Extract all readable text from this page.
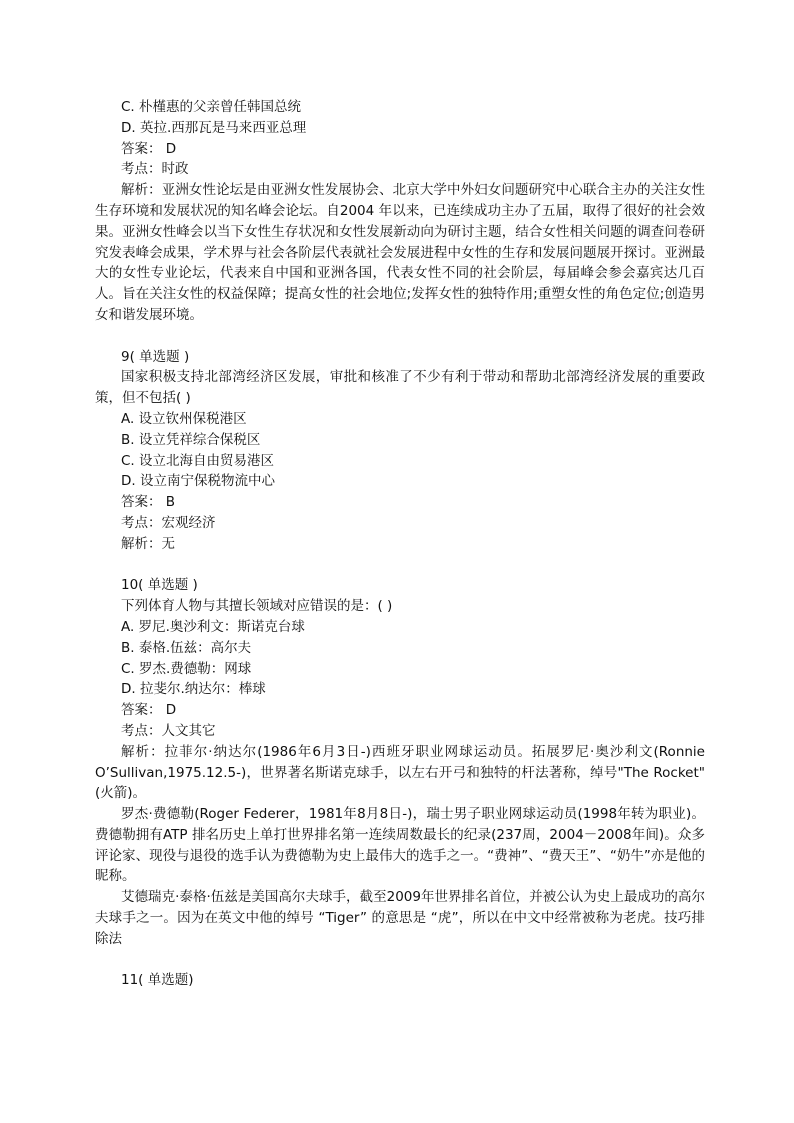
C. 朴槿惠的父亲曾任韩国总统
D. 英拉.西那瓦是马来西亚总理
答案： D
考点：时政
解析：亚洲女性论坛是由亚洲女性发展协会、北京大学中外妇女问题研究中心联合主办的关注女性生存环境和发展状况的知名峰会论坛。自2004 年以来，已连续成功主办了五届，取得了很好的社会效果。亚洲女性峰会以当下女性生存状况和女性发展新动向为研讨主题，结合女性相关问题的调查问卷研究发表峰会成果，学术界与社会各阶层代表就社会发展进程中女性的生存和发展问题展开探讨。亚洲最大的女性专业论坛，代表来自中国和亚洲各国，代表女性不同的社会阶层，每届峰会参会嘉宾达几百人。旨在关注女性的权益保障；提高女性的社会地位;发挥女性的独特作用;重塑女性的角色定位;创造男女和谐发展环境。
9( 单选题 )
国家积极支持北部湾经济区发展，审批和核准了不少有利于带动和帮助北部湾经济发展的重要政策，但不包括( )
A. 设立钦州保税港区
B. 设立凭祥综合保税区
C. 设立北海自由贸易港区
D. 设立南宁保税物流中心
答案： B
考点：宏观经济
解析：无
10( 单选题 )
下列体育人物与其擅长领域对应错误的是：( )
A. 罗尼.奥沙利文：斯诺克台球
B. 泰格.伍兹：高尔夫
C. 罗杰.费德勒：网球
D. 拉斐尔.纳达尔：棒球
答案： D
考点：人文其它
解析：拉菲尔·纳达尔(1986年6月3日-)西班牙职业网球运动员。拓展罗尼·奥沙利文(Ronnie O’Sullivan,1975.12.5-)，世界著名斯诺克球手，以左右开弓和独特的杆法著称，绰号"The Rocket"(火箭)。
罗杰·费德勒(Roger Federer，1981年8月8日-)，瑞士男子职业网球运动员(1998年转为职业)。费德勒拥有ATP 排名历史上单打世界排名第一连续周数最长的纪录(237周，2004－2008年间)。众多评论家、现役与退役的选手认为费德勒为史上最伟大的选手之一。“费神”、“费天王”、“奶牛”亦是他的昵称。
艾德瑞克·泰格·伍兹是美国高尔夫球手，截至2009年世界排名首位，并被公认为史上最成功的高尔夫球手之一。因为在英文中他的绰号 “Tiger” 的意思是 “虎”，所以在中文中经常被称为老虎。技巧排除法
11( 单选题)
